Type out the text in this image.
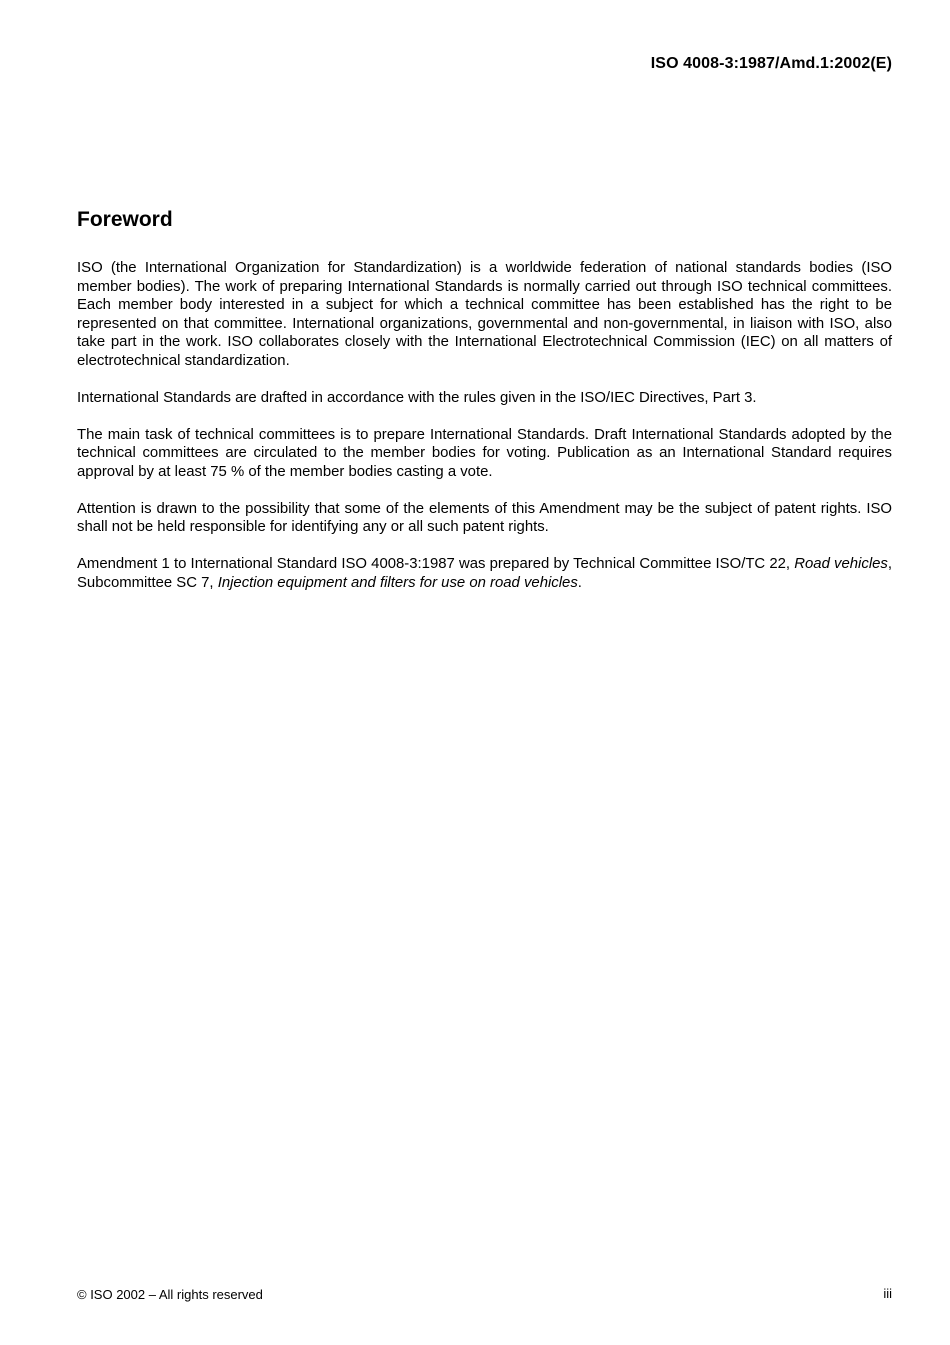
ISO 4008-3:1987/Amd.1:2002(E)
Foreword

ISO (the International Organization for Standardization) is a worldwide federation of national standards bodies (ISO member bodies). The work of preparing International Standards is normally carried out through ISO technical committees. Each member body interested in a subject for which a technical committee has been established has the right to be represented on that committee. International organizations, governmental and non-governmental, in liaison with ISO, also take part in the work. ISO collaborates closely with the International Electrotechnical Commission (IEC) on all matters of electrotechnical standardization.

International Standards are drafted in accordance with the rules given in the ISO/IEC Directives, Part 3.

The main task of technical committees is to prepare International Standards. Draft International Standards adopted by the technical committees are circulated to the member bodies for voting. Publication as an International Standard requires approval by at least 75 % of the member bodies casting a vote.

Attention is drawn to the possibility that some of the elements of this Amendment may be the subject of patent rights. ISO shall not be held responsible for identifying any or all such patent rights.

Amendment 1 to International Standard ISO 4008-3:1987 was prepared by Technical Committee ISO/TC 22, Road vehicles, Subcommittee SC 7, Injection equipment and filters for use on road vehicles.

© ISO 2002 – All rights reserved	iii
